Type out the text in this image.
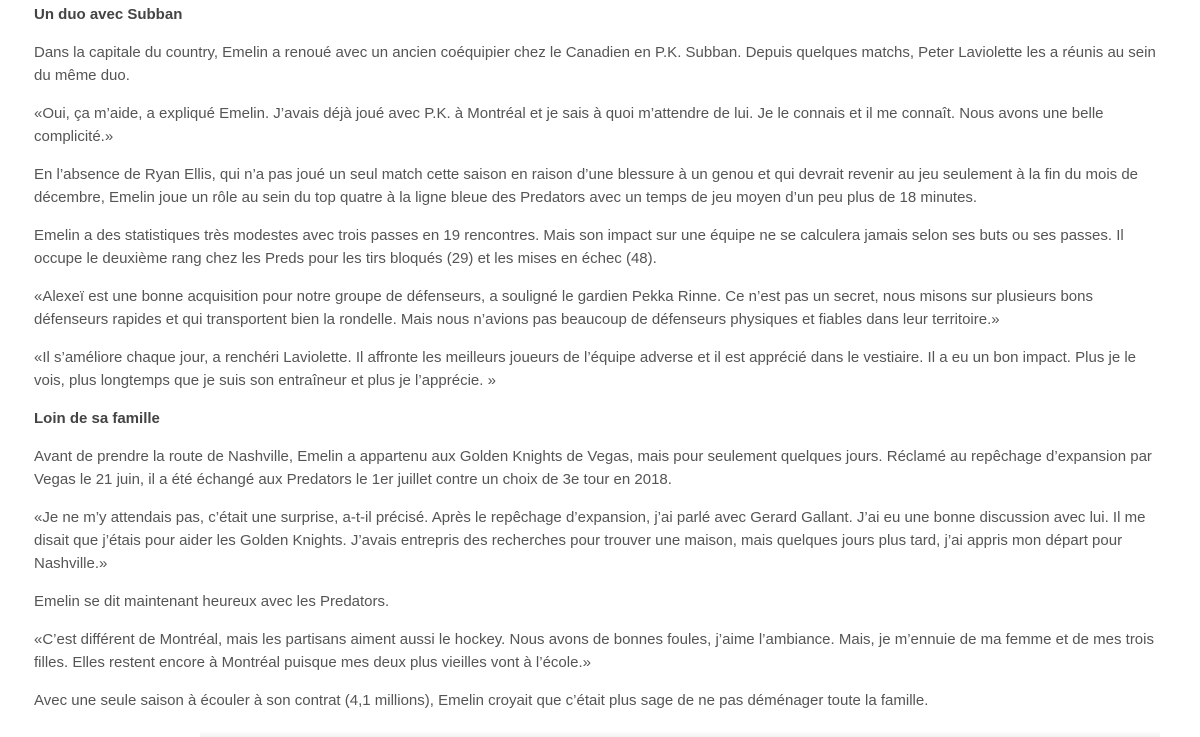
Un duo avec Subban

Dans la capitale du country, Emelin a renoué avec un ancien coéquipier chez le Canadien en P.K. Subban. Depuis quelques matchs, Peter Laviolette les a réunis au sein du même duo.

«Oui, ça m’aide, a expliqué Emelin. J’avais déjà joué avec P.K. à Montréal et je sais à quoi m’attendre de lui. Je le connais et il me connaît. Nous avons une belle complicité.»

En l’absence de Ryan Ellis, qui n’a pas joué un seul match cette saison en raison d’une blessure à un genou et qui devrait revenir au jeu seulement à la fin du mois de décembre, Emelin joue un rôle au sein du top quatre à la ligne bleue des Predators avec un temps de jeu moyen d’un peu plus de 18 minutes.

Emelin a des statistiques très modestes avec trois passes en 19 rencontres. Mais son impact sur une équipe ne se calculera jamais selon ses buts ou ses passes. Il occupe le deuxième rang chez les Preds pour les tirs bloqués (29) et les mises en échec (48).

«Alexeï est une bonne acquisition pour notre groupe de défenseurs, a souligné le gardien Pekka Rinne. Ce n’est pas un secret, nous misons sur plusieurs bons défenseurs rapides et qui transportent bien la rondelle. Mais nous n’avions pas beaucoup de défenseurs physiques et fiables dans leur territoire.»

«Il s’améliore chaque jour, a renchéri Laviolette. Il affronte les meilleurs joueurs de l’équipe adverse et il est apprécié dans le vestiaire. Il a eu un bon impact. Plus je le vois, plus longtemps que je suis son entraîneur et plus je l’apprécie. »

Loin de sa famille

Avant de prendre la route de Nashville, Emelin a appartenu aux Golden Knights de Vegas, mais pour seulement quelques jours. Réclamé au repêchage d’expansion par Vegas le 21 juin, il a été échangé aux Predators le 1er juillet contre un choix de 3e tour en 2018.

«Je ne m’y attendais pas, c’était une surprise, a-t-il précisé. Après le repêchage d’expansion, j’ai parlé avec Gerard Gallant. J’ai eu une bonne discussion avec lui. Il me disait que j’étais pour aider les Golden Knights. J’avais entrepris des recherches pour trouver une maison, mais quelques jours plus tard, j’ai appris mon départ pour Nashville.»

Emelin se dit maintenant heureux avec les Predators.

«C’est différent de Montréal, mais les partisans aiment aussi le hockey. Nous avons de bonnes foules, j’aime l’ambiance. Mais, je m’ennuie de ma femme et de mes trois filles. Elles restent encore à Montréal puisque mes deux plus vieilles vont à l’école.»

Avec une seule saison à écouler à son contrat (4,1 millions), Emelin croyait que c’était plus sage de ne pas déménager toute la famille.
